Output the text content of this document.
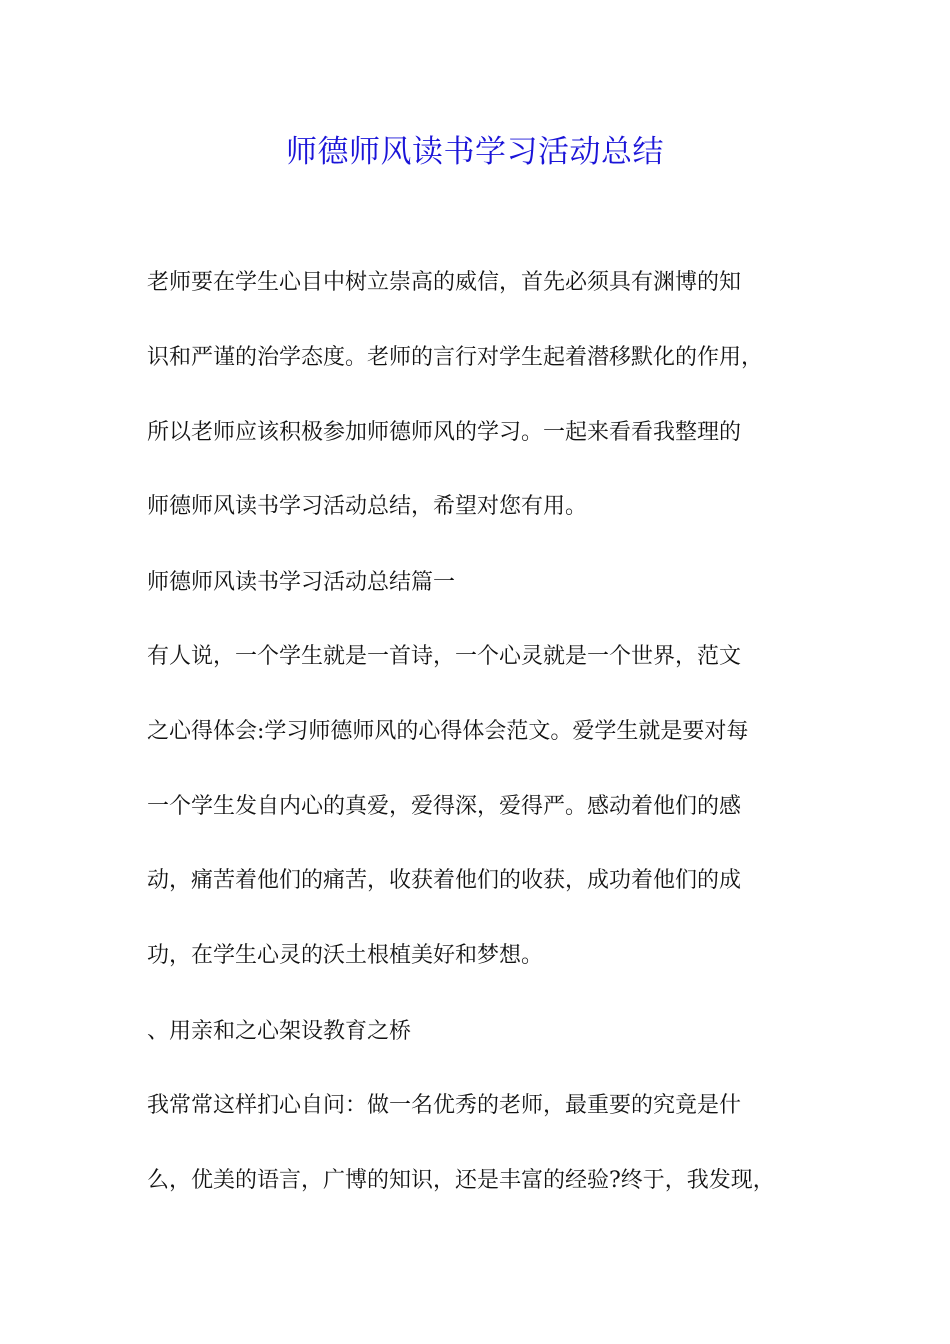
师德师风读书学习活动总结
老师要在学生心目中树立崇高的威信，首先必须具有渊博的知
识和严谨的治学态度。老师的言行对学生起着潜移默化的作用，
所以老师应该积极参加师德师风的学习。一起来看看我整理的
师德师风读书学习活动总结，希望对您有用。
师德师风读书学习活动总结篇一
有人说，一个学生就是一首诗，一个心灵就是一个世界，范文
之心得体会:学习师德师风的心得体会范文。爱学生就是要对每
一个学生发自内心的真爱，爱得深，爱得严。感动着他们的感
动，痛苦着他们的痛苦，收获着他们的收获，成功着他们的成
功，在学生心灵的沃土根植美好和梦想。
、用亲和之心架设教育之桥
我常常这样扪心自问：做一名优秀的老师，最重要的究竟是什
么，优美的语言，广博的知识，还是丰富的经验?终于，我发现，
